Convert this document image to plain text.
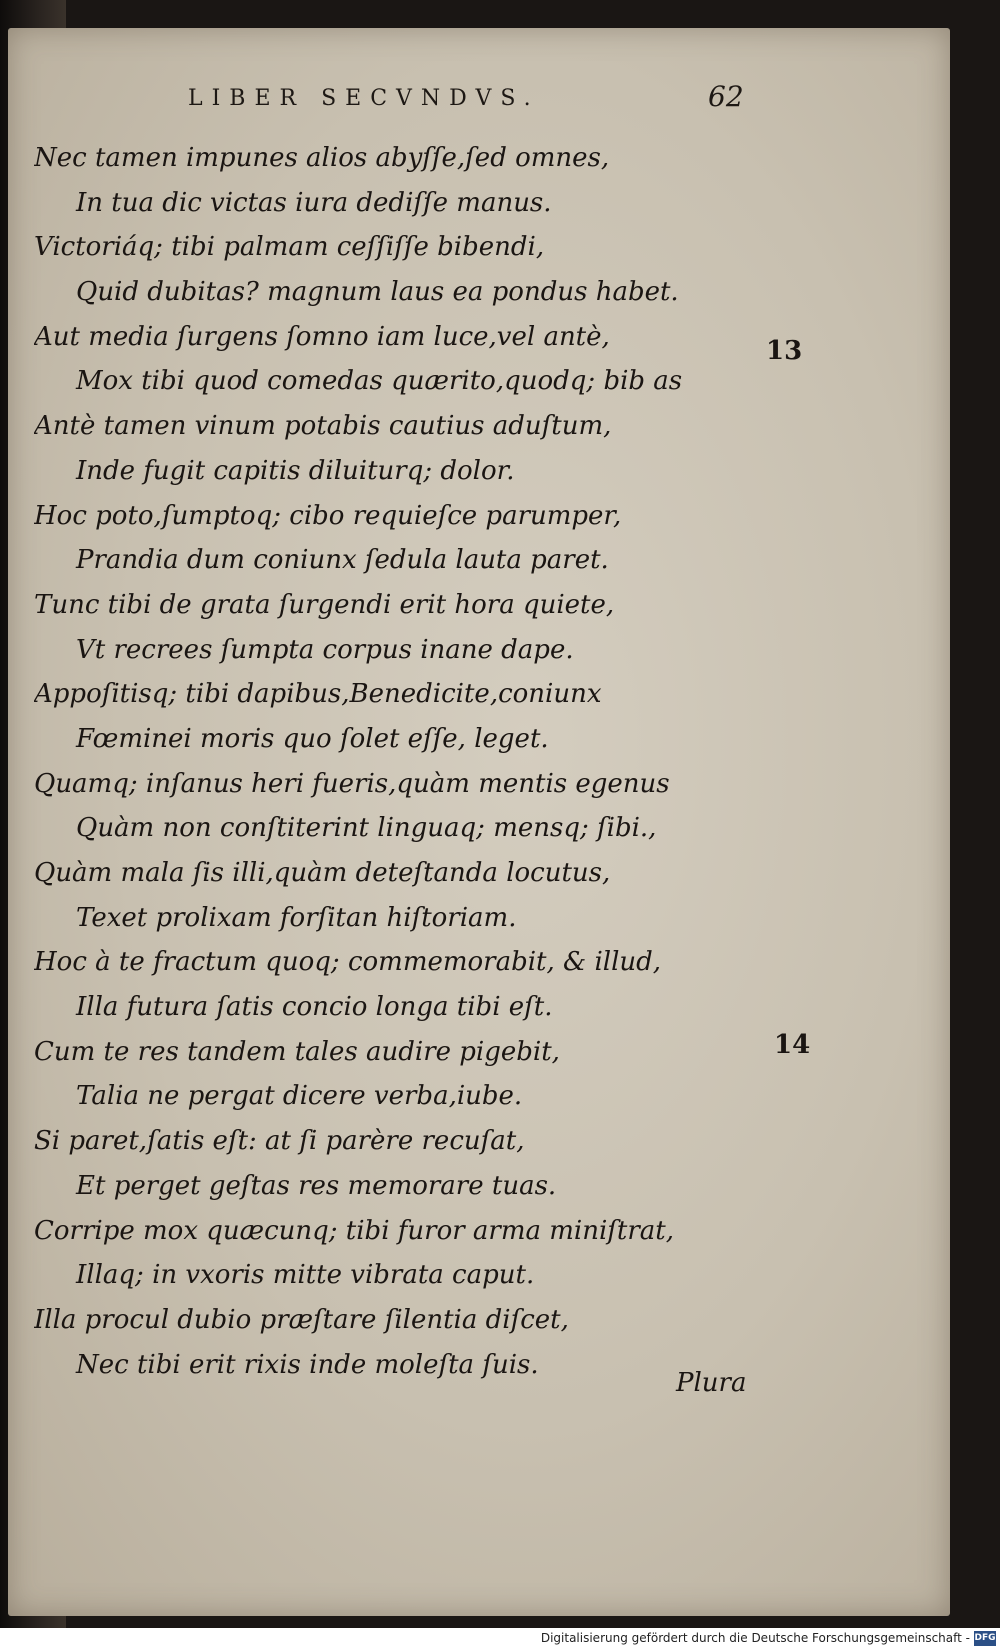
LIBER SECVNDVS.	62
Nec tamen impunes alios abyſſe,ſed omnes,
In tua dic victas iura dediſſe manus.
Victoriáq; tibi palmam ceſſiſſe bibendi,
Quid dubitas? magnum laus ea pondus habet.
Aut media ſurgens ſomno iam luce,vel antè,
Mox tibi quod comedas quærito,quodq; bib as
Antè tamen vinum potabis cautius aduſtum,
Inde fugit capitis diluiturq; dolor.
Hoc poto,ſumptoq; cibo requieſce parumper,
Prandia dum coniunx ſedula lauta paret.
Tunc tibi de grata ſurgendi erit hora quiete,
Vt recrees ſumpta corpus inane dape.
Appoſitisq; tibi dapibus,Benedicite,coniunx
Fœminei moris quo ſolet eſſe, leget.
Quamq; inſanus heri fueris,quàm mentis egenus
Quàm non conſtiterint linguaq; mensq; ſibi.,
Quàm mala ſis illi,quàm deteſtanda locutus,
Texet prolixam forſitan hiſtoriam.
Hoc à te fractum quoq; commemorabit, & illud,
Illa futura ſatis concio longa tibi eſt.
Cum te res tandem tales audire pigebit,
Talia ne pergat dicere verba,iube.
Si paret,ſatis eſt: at ſi parère recuſat,
Et perget geſtas res memorare tuas.
Corripe mox quæcunq; tibi furor arma miniſtrat,
Illaq; in vxoris mitte vibrata caput.
Illa procul dubio præſtare ſilentia diſcet,
Nec tibi erit rixis inde moleſta ſuis.
13
14
Plura
Digitalisierung gefördert durch die Deutsche Forschungsgemeinschaft - DFG
